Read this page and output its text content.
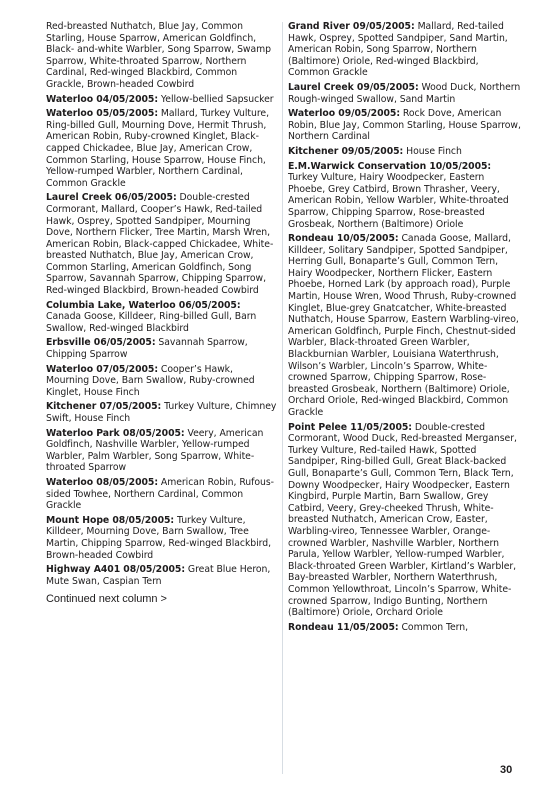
Red-breasted Nuthatch, Blue Jay, Common Starling, House Sparrow, American Goldfinch, Black- and-white Warbler, Song Sparrow, Swamp Sparrow, White-throated Sparrow, Northern Cardinal, Red-winged Blackbird, Common Grackle, Brown-headed Cowbird
Waterloo 04/05/2005: Yellow-bellied Sapsucker
Waterloo 05/05/2005: Mallard, Turkey Vulture, Ring-billed Gull, Mourning Dove, Hermit Thrush, American Robin, Ruby-crowned Kinglet, Black-capped Chickadee, Blue Jay, American Crow, Common Starling, House Sparrow, House Finch, Yellow-rumped Warbler, Northern Cardinal, Common Grackle
Laurel Creek 06/05/2005: Double-crested Cormorant, Mallard, Cooper’s Hawk, Red-tailed Hawk, Osprey, Spotted Sandpiper, Mourning Dove, Northern Flicker, Tree Martin, Marsh Wren, American Robin, Black-capped Chickadee, White-breasted Nuthatch, Blue Jay, American Crow, Common Starling, American Goldfinch, Song Sparrow, Savannah Sparrow, Chipping Sparrow, Red-winged Blackbird, Brown-headed Cowbird
Columbia Lake, Waterloo 06/05/2005: Canada Goose, Killdeer, Ring-billed Gull, Barn Swallow, Red-winged Blackbird
Erbsville 06/05/2005: Savannah Sparrow, Chipping Sparrow
Waterloo 07/05/2005: Cooper’s Hawk, Mourning Dove, Barn Swallow, Ruby-crowned Kinglet, House Finch
Kitchener 07/05/2005: Turkey Vulture, Chimney Swift, House Finch
Waterloo Park 08/05/2005: Veery, American Goldfinch, Nashville Warbler, Yellow-rumped Warbler, Palm Warbler, Song Sparrow, White-throated Sparrow
Waterloo 08/05/2005: American Robin, Rufous-sided Towhee, Northern Cardinal, Common Grackle
Mount Hope 08/05/2005: Turkey Vulture, Killdeer, Mourning Dove, Barn Swallow, Tree Martin, Chipping Sparrow, Red-winged Blackbird, Brown-headed Cowbird
Highway A401 08/05/2005: Great Blue Heron, Mute Swan, Caspian Tern
Continued next column >
Grand River 09/05/2005: Mallard, Red-tailed Hawk, Osprey, Spotted Sandpiper, Sand Martin, American Robin, Song Sparrow, Northern (Baltimore) Oriole, Red-winged Blackbird, Common Grackle
Laurel Creek 09/05/2005: Wood Duck, Northern Rough-winged Swallow, Sand Martin
Waterloo 09/05/2005: Rock Dove, American Robin, Blue Jay, Common Starling, House Sparrow, Northern Cardinal
Kitchener 09/05/2005: House Finch
E.M.Warwick Conservation 10/05/2005: Turkey Vulture, Hairy Woodpecker, Eastern Phoebe, Grey Catbird, Brown Thrasher, Veery, American Robin, Yellow Warbler, White-throated Sparrow, Chipping Sparrow, Rose-breasted Grosbeak, Northern (Baltimore) Oriole
Rondeau 10/05/2005: Canada Goose, Mallard, Killdeer, Solitary Sandpiper, Spotted Sandpiper, Herring Gull, Bonaparte’s Gull, Common Tern, Hairy Woodpecker, Northern Flicker, Eastern Phoebe, Horned Lark (by approach road), Purple Martin, House Wren, Wood Thrush, Ruby-crowned Kinglet, Blue-grey Gnatcatcher, White-breasted Nuthatch, House Sparrow, Eastern Warbling-vireo, American Goldfinch, Purple Finch, Chestnut-sided Warbler, Black-throated Green Warbler, Blackburnian Warbler, Louisiana Waterthrush, Wilson’s Warbler, Lincoln’s Sparrow, White-crowned Sparrow, Chipping Sparrow, Rose-breasted Grosbeak, Northern (Baltimore) Oriole, Orchard Oriole, Red-winged Blackbird, Common Grackle
Point Pelee 11/05/2005: Double-crested Cormorant, Wood Duck, Red-breasted Merganser, Turkey Vulture, Red-tailed Hawk, Spotted Sandpiper, Ring-billed Gull, Great Black-backed Gull, Bonaparte’s Gull, Common Tern, Black Tern, Downy Woodpecker, Hairy Woodpecker, Eastern Kingbird, Purple Martin, Barn Swallow, Grey Catbird, Veery, Grey-cheeked Thrush, White-breasted Nuthatch, American Crow, Easter, Warbling-vireo, Tennessee Warbler, Orange-crowned Warbler, Nashville Warbler, Northern Parula, Yellow Warbler, Yellow-rumped Warbler, Black-throated Green Warbler, Kirtland’s Warbler, Bay-breasted Warbler, Northern Waterthrush, Common Yellowthroat, Lincoln’s Sparrow, White-crowned Sparrow, Indigo Bunting, Northern (Baltimore) Oriole, Orchard Oriole
Rondeau 11/05/2005: Common Tern,
30
